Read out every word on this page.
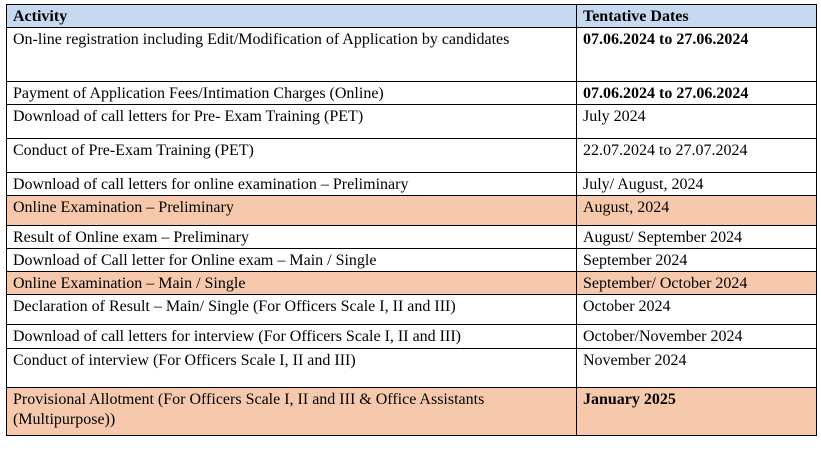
Activity	Tentative Dates
On-line registration including Edit/Modification of Application by candidates	07.06.2024 to 27.06.2024
Payment of Application Fees/Intimation Charges (Online)	07.06.2024 to 27.06.2024
Download of call letters for Pre- Exam Training (PET)	July 2024
Conduct of Pre-Exam Training (PET)	22.07.2024 to 27.07.2024
Download of call letters for online examination – Preliminary	July/ August, 2024
Online Examination – Preliminary	August, 2024
Result of Online exam – Preliminary	August/ September 2024
Download of Call letter for Online exam – Main / Single	September 2024
Online Examination – Main / Single	September/ October 2024
Declaration of Result – Main/ Single (For Officers Scale I, II and III)	October 2024
Download of call letters for interview (For Officers Scale I, II and III)	October/November 2024
Conduct of interview (For Officers Scale I, II and III)	November 2024
Provisional Allotment (For Officers Scale I, II and III & Office Assistants (Multipurpose))	January 2025
